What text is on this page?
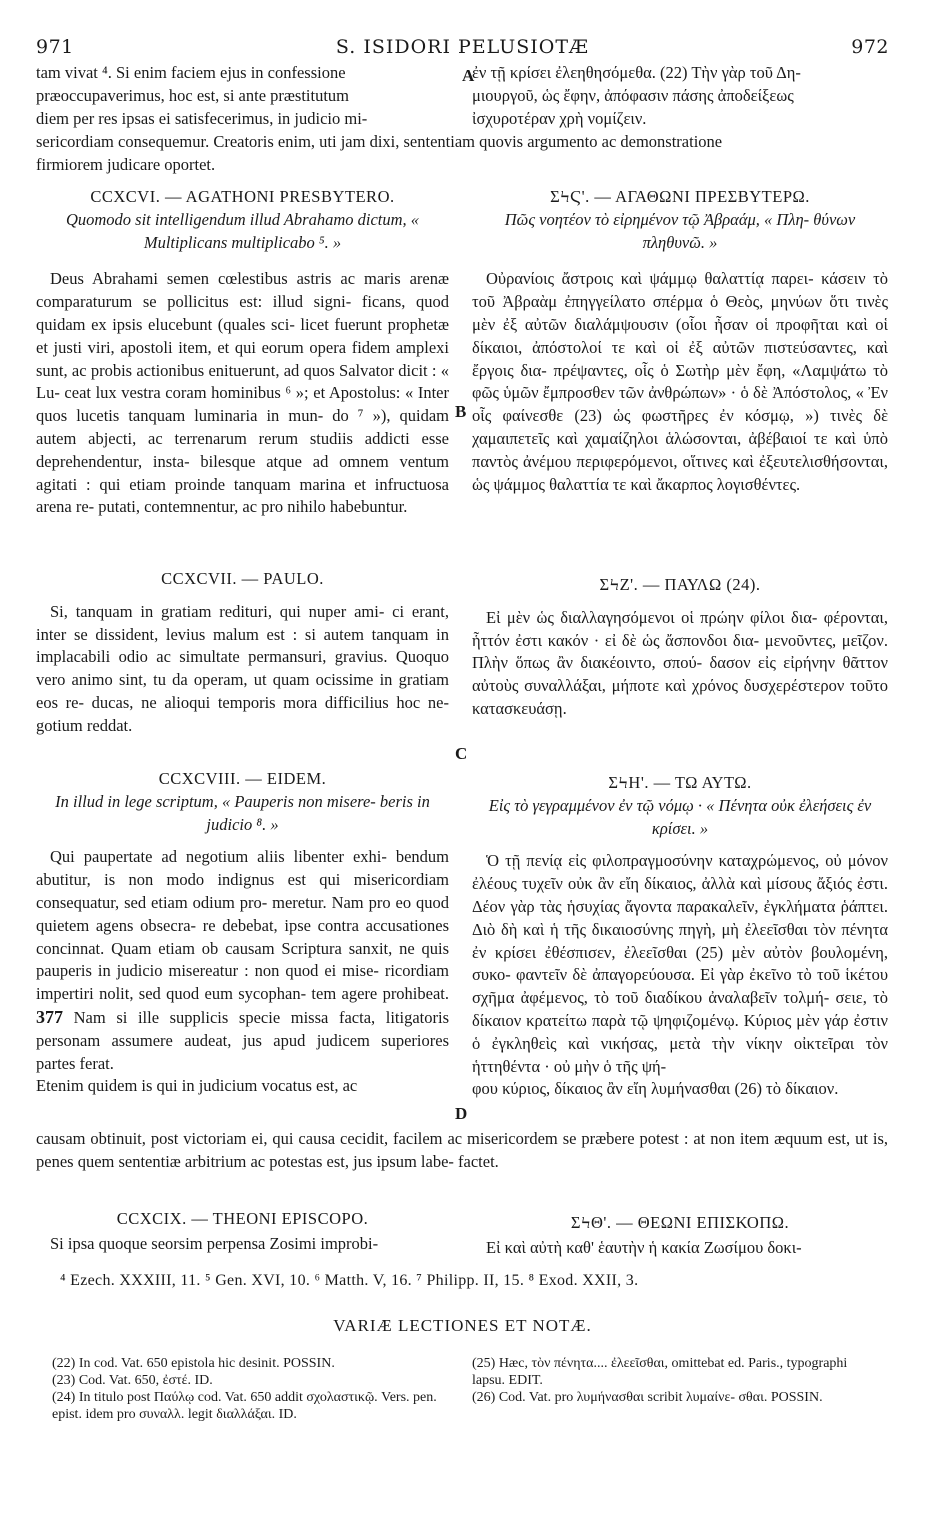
S. ISIDORI PELUSIOTÆ
971	972
A
B
C
D

tam vivat ⁴. Si enim faciem ejus in confessione

præoccupaverimus, hoc est, si ante præstitutum

diem per res ipsas ei satisfecerimus, in judicio mi-

ἐν τῇ κρίσει ἐλεηθησόμεθα. (22) Τὴν γὰρ τοῦ Δη-

μιουργοῦ, ὡς ἔφην, ἀπόφασιν πάσης ἀποδείξεως

ἰσχυροτέραν χρὴ νομίζειν.

sericordiam consequemur. Creatoris enim, uti jam dixi, sententiam quovis argumento ac demonstratione

firmiorem judicare oportet.

CCXCVI. — AGATHONI PRESBYTERO.

Quomodo sit intelligendum illud Abrahamo dictum, « Multiplicans multiplicabo ⁵. »

Deus Abrahami semen cœlestibus astris ac maris arenæ comparaturum se pollicitus est: illud signi- ficans, quod quidam ex ipsis elucebunt (quales sci- licet fuerunt prophetæ et justi viri, apostoli item, et qui eorum opera fidem amplexi sunt, ac probis actionibus enituerunt, ad quos Salvator dicit : « Lu- ceat lux vestra coram hominibus ⁶ »; et Apostolus: « Inter quos lucetis tanquam luminaria in mun- do ⁷ »), quidam autem abjecti, ac terrenarum rerum studiis addicti esse deprehendentur, insta- bilesque atque ad omnem ventum agitati : qui etiam proinde tanquam marina et infructuosa arena re- putati, contemnentur, ac pro nihilo habebuntur.

ΣϞϚ'. — ΑΓΑΘΩΝΙ ΠΡΕΣΒΥΤΕΡΩ.

Πῶς νοητέον τὸ εἰρημένον τῷ Ἀβραάμ, « Πλη- θύνων πληθυνῶ. »

Οὐρανίοις ἄστροις καὶ ψάμμῳ θαλαττίᾳ παρει- κάσειν τὸ τοῦ Ἀβραὰμ ἐπηγγείλατο σπέρμα ὁ Θεὸς, μηνύων ὅτι τινὲς μὲν ἐξ αὐτῶν διαλάμψουσιν (οἷοι ἦσαν οἱ προφῆται καὶ οἱ δίκαιοι, ἀπόστολοί τε καὶ οἱ ἐξ αὐτῶν πιστεύσαντες, καὶ ἔργοις δια- πρέψαντες, οἷς ὁ Σωτὴρ μὲν ἔφη, «Λαμψάτω τὸ φῶς ὑμῶν ἔμπροσθεν τῶν ἀνθρώπων» · ὁ δὲ Ἀπόστολος, « Ἐν οἷς φαίνεσθε (23) ὡς φωστῆρες ἐν κόσμῳ, ») τινὲς δὲ χαμαιπετεῖς καὶ χαμαίζηλοι ἁλώσονται, ἀβέβαιοί τε καὶ ὑπὸ παντὸς ἀνέμου περιφερόμενοι, οἵτινες καὶ ἐξευτελισθήσονται, ὡς ψάμμος θαλαττία τε καὶ ἄκαρπος λογισθέντες.

CCXCVII. — PAULO.

Si, tanquam in gratiam redituri, qui nuper ami- ci erant, inter se dissident, levius malum est : si autem tanquam in implacabili odio ac simultate permansuri, gravius. Quoquo vero animo sint, tu da operam, ut quam ocissime in gratiam eos re- ducas, ne alioqui temporis mora difficilius hoc ne- gotium reddat.

ΣϞΖ'. — ΠΑΥΛΩ (24).

Εἰ μὲν ὡς διαλλαγησόμενοι οἱ πρώην φίλοι δια- φέρονται, ἧττόν ἐστι κακόν · εἰ δὲ ὡς ἄσπονδοι δια- μενοῦντες, μεῖζον. Πλὴν ὅπως ἂν διακέοιντο, σπού- δασον εἰς εἰρήνην θᾶττον αὐτοὺς συναλλάξαι, μήποτε καὶ χρόνος δυσχερέστερον τοῦτο κατασκευάσῃ.

CCXCVIII. — EIDEM.

In illud in lege scriptum, « Pauperis non misere- beris in judicio ⁸. »

Qui paupertate ad negotium aliis libenter exhi- bendum abutitur, is non modo indignus est qui misericordiam consequatur, sed etiam odium pro- meretur. Nam pro eo quod quietem agens obsecra- re debebat, ipse contra accusationes concinnat. Quam etiam ob causam Scriptura sanxit, ne quis pauperis in judicio misereatur : non quod ei mise- ricordiam impertiri nolit, sed quod eum sycophan- tem agere prohibeat. 377 Nam si ille supplicis specie missa facta, litigatoris personam assumere audeat, jus apud judicem superiores partes ferat.

Etenim quidem is qui in judicium vocatus est, ac

ΣϞΗ'. — ΤΩ ΑΥΤΩ.

Εἰς τὸ γεγραμμένον ἐν τῷ νόμῳ · « Πένητα οὐκ ἐλεήσεις ἐν κρίσει. »

Ὁ τῇ πενίᾳ εἰς φιλοπραγμοσύνην καταχρώμενος, οὐ μόνον ἐλέους τυχεῖν οὐκ ἂν εἴη δίκαιος, ἀλλὰ καὶ μίσους ἄξιός ἐστι. Δέον γὰρ τὰς ἡσυχίας ἄγοντα παρακαλεῖν, ἐγκλήματα ῥάπτει. Διὸ δὴ καὶ ἡ τῆς δικαιοσύνης πηγὴ, μὴ ἐλεεῖσθαι τὸν πένητα ἐν κρίσει ἐθέσπισεν, ἐλεεῖσθαι (25) μὲν αὐτὸν βουλομένη, συκο- φαντεῖν δὲ ἀπαγορεύουσα. Εἰ γὰρ ἐκεῖνο τὸ τοῦ ἱκέτου σχῆμα ἀφέμενος, τὸ τοῦ διαδίκου ἀναλαβεῖν τολμή- σειε, τὸ δίκαιον κρατείτω παρὰ τῷ ψηφιζομένῳ. Κύριος μὲν γάρ ἐστιν ὁ ἐγκληθεὶς καὶ νικήσας, μετὰ τὴν νίκην οἰκτεῖραι τὸν ἡττηθέντα · οὐ μὴν ὁ τῆς ψή-

φου κύριος, δίκαιος ἂν εἴη λυμήνασθαι (26) τὸ δίκαιον.

causam obtinuit, post victoriam ei, qui causa cecidit, facilem ac misericordem se præbere potest : at non item æquum est, ut is, penes quem sententiæ arbitrium ac potestas est, jus ipsum labe- factet.

CCXCIX. — THEONI EPISCOPO.

Si ipsa quoque seorsim perpensa Zosimi improbi-

ΣϞΘ'. — ΘΕΩΝΙ ΕΠΙΣΚΟΠΩ.

Εἰ καὶ αὐτὴ καθ' ἑαυτὴν ἡ κακία Ζωσίμου δοκι-

⁴ Ezech. XXXIII, 11. ⁵ Gen. XVI, 10. ⁶ Matth. V, 16. ⁷ Philipp. II, 15. ⁸ Exod. XXII, 3.
VARIÆ LECTIONES ET NOTÆ.

(22) In cod. Vat. 650 epistola hic desinit. POSSIN.

(23) Cod. Vat. 650, ἐστέ. ID.

(24) In titulo post Παύλῳ cod. Vat. 650 addit σχολαστικῷ. Vers. pen. epist. idem pro συναλλ. legit διαλλάξαι. ID.

(25) Hæc, τὸν πένητα.... ἐλεεῖσθαι, omittebat ed. Paris., typographi lapsu. EDIT.

(26) Cod. Vat. pro λυμήνασθαι scribit λυμαίνε- σθαι. POSSIN.
